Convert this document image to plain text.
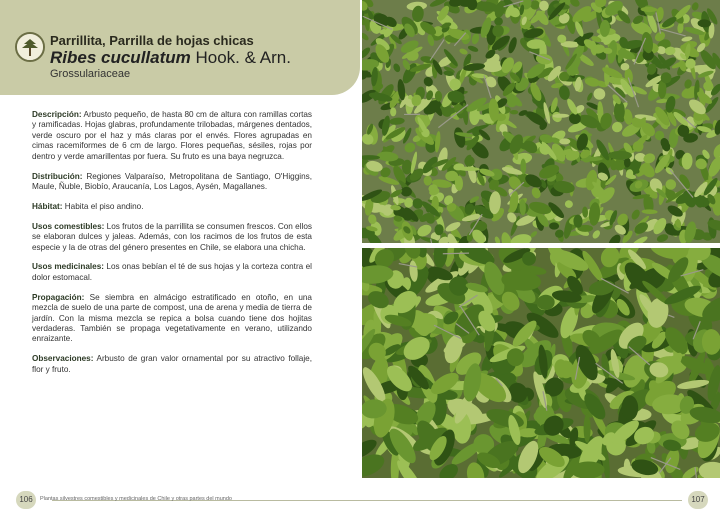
Parrillita, Parrilla de hojas chicas
Ribes cucullatum Hook. & Arn.
Grossulariaceae

Descripción: Arbusto pequeño, de hasta 80 cm de altura con ramillas cortas y ramificadas. Hojas glabras, profundamente trilobadas, márgenes dentados, verde oscuro por el haz y más claras por el envés. Flores agrupadas en cimas racemiformes de 6 cm de largo. Flores pequeñas, sésiles, rojas por dentro y verde amarillentas por fuera. Su fruto es una baya negruzca.

Distribución: Regiones Valparaíso, Metropolitana de Santiago, O'Higgins, Maule, Ñuble, Biobío, Araucanía, Los Lagos, Aysén, Magallanes.

Hábitat: Habita el piso andino.

Usos comestibles: Los frutos de la parrillita se consumen frescos. Con ellos se elaboran dulces y jaleas. Además, con los racimos de los frutos de esta especie y la de otras del género presentes en Chile, se elabora una chicha.

Usos medicinales: Los onas bebían el té de sus hojas y la corteza contra el dolor estomacal.

Propagación: Se siembra en almácigo estratificado en otoño, en una mezcla de suelo de una parte de compost, una de arena y media de tierra de jardín. Con la misma mezcla se repica a bolsa cuando tiene dos hojitas verdaderas. También se propaga vegetativamente en verano, utilizando enraizante.

Observaciones: Arbusto de gran valor ornamental por su atractivo follaje, flor y fruto.

106	Plantas silvestres comestibles y medicinales de Chile y otras partes del mundo	107
